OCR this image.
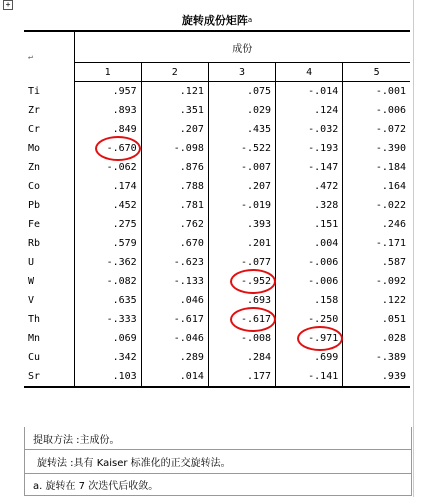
+
旋转成份矩阵 a
↵	成份				
	1	2	3	4	5
Ti	.957	.121	.075	-.014	-.001
Zr	.893	.351	.029	.124	-.006
Cr	.849	.207	.435	-.032	-.072
Mo	-.670	-.098	-.522	-.193	-.390
Zn	-.062	.876	-.007	-.147	-.184
Co	.174	.788	.207	.472	.164
Pb	.452	.781	-.019	.328	-.022
Fe	.275	.762	.393	.151	.246
Rb	.579	.670	.201	.004	-.171
U	-.362	-.623	-.077	-.006	.587
W	-.082	-.133	-.952	-.006	-.092
V	.635	.046	.693	.158	.122
Th	-.333	-.617	-.617	-.250	.051
Mn	.069	-.046	-.008	-.971	.028
Cu	.342	.289	.284	.699	-.389
Sr	.103	.014	.177	-.141	.939
提取方法 :主成份。
旋转法 :具有 Kaiser 标准化的正交旋转法。
a. 旋转在 7 次迭代后收敛。
